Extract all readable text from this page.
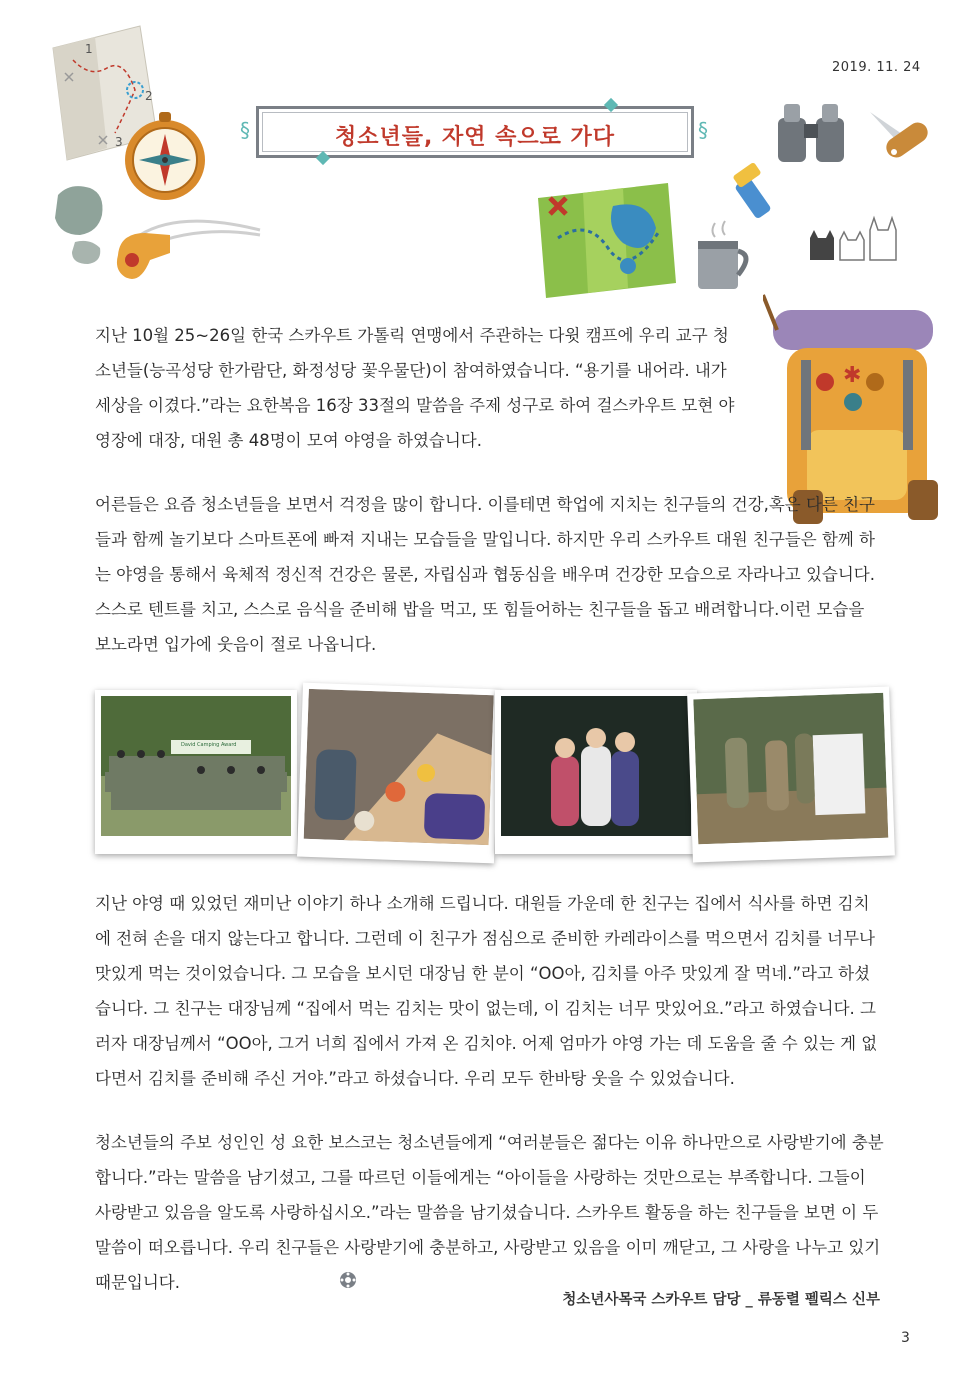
2019. 11. 24
1
2
3	청소년들, 자연 속으로 가다
§	§
✱
지난 10월 25~26일 한국 스카우트 가톨릭 연맹에서 주관하는 다윗 캠프에 우리 교구 청소년들(능곡성당 한가람단, 화정성당 꽃우물단)이 참여하였습니다. “용기를 내어라. 내가 세상을 이겼다.”라는 요한복음 16장 33절의 말씀을 주제 성구로 하여 걸스카우트 모현 야영장에 대장, 대원 총 48명이 모여 야영을 하였습니다.
어른들은 요즘 청소년들을 보면서 걱정을 많이 합니다. 이를테면 학업에 지치는 친구들의 건강,혹은 다른 친구들과 함께 놀기보다 스마트폰에 빠져 지내는 모습들을 말입니다. 하지만 우리 스카우트 대원 친구들은 함께 하는 야영을 통해서 육체적 정신적 건강은 물론, 자립심과 협동심을 배우며 건강한 모습으로 자라나고 있습니다. 스스로 텐트를 치고, 스스로 음식을 준비해 밥을 먹고, 또 힘들어하는 친구들을 돕고 배려합니다.이런 모습을 보노라면 입가에 웃음이 절로 나옵니다.
David Camping Award
지난 야영 때 있었던 재미난 이야기 하나 소개해 드립니다. 대원들 가운데 한 친구는 집에서 식사를 하면 김치에 전혀 손을 대지 않는다고 합니다. 그런데 이 친구가 점심으로 준비한 카레라이스를 먹으면서 김치를 너무나 맛있게 먹는 것이었습니다. 그 모습을 보시던 대장님 한 분이 “OO아, 김치를 아주 맛있게 잘 먹네.”라고 하셨습니다. 그 친구는 대장님께 “집에서 먹는 김치는 맛이 없는데, 이 김치는 너무 맛있어요.”라고 하였습니다. 그러자 대장님께서 “OO아, 그거 너희 집에서 가져 온 김치야. 어제 엄마가 야영 가는 데 도움을 줄 수 있는 게 없다면서 김치를 준비해 주신 거야.”라고 하셨습니다. 우리 모두 한바탕 웃을 수 있었습니다.
청소년들의 주보 성인인 성 요한 보스코는 청소년들에게 “여러분들은 젊다는 이유 하나만으로 사랑받기에 충분합니다.”라는 말씀을 남기셨고, 그를 따르던 이들에게는 “아이들을 사랑하는 것만으로는 부족합니다. 그들이 사랑받고 있음을 알도록 사랑하십시오.”라는 말씀을 남기셨습니다. 스카우트 활동을 하는 친구들을 보면 이 두 말씀이 떠오릅니다. 우리 친구들은 사랑받기에 충분하고, 사랑받고 있음을 이미 깨닫고, 그 사랑을 나누고 있기 때문입니다.
청소년사목국 스카우트 담당 _ 류동렬 펠릭스 신부
3
